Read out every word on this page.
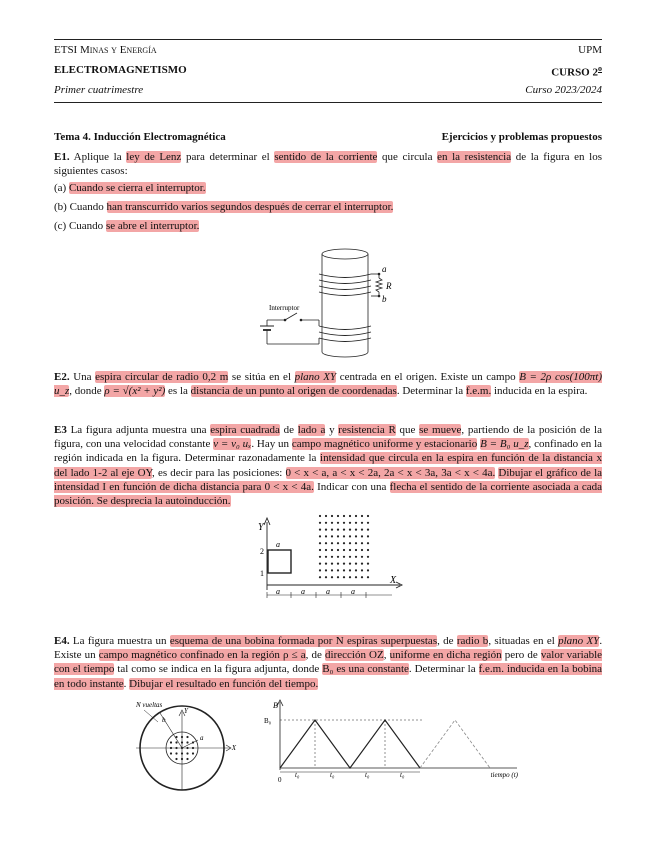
ETSI Minas y Energía	UPM
ELECTROMAGNETISMO	CURSO 2$^o$
Primer cuatrimestre	Curso 2023/2024
Tema 4. Inducción Electromagnética	Ejercicios y problemas propuestos
E1. Aplique la ley de Lenz para determinar el sentido de la corriente que circula en la resistencia de la figura en los siguientes casos:
(a) Cuando se cierra el interruptor.
(b) Cuando han transcurrido varios segundos después de cerrar el interruptor.
(c) Cuando se abre el interruptor.
a
R
b
Interruptor
E2. Una espira circular de radio 0,2 m se sitúa en el plano XY centrada en el origen. Existe un campo B = 2ρ cos(100πt) u_z, donde ρ = √(x² + y²) es la distancia de un punto al origen de coordenadas. Determinar la f.e.m. inducida en la espira.
E3 La figura adjunta muestra una espira cuadrada de lado a y resistencia R que se mueve, partiendo de la posición de la figura, con una velocidad constante v = v₀ uₓ. Hay un campo magnético uniforme y estacionario B = B₀ u_z, confinado en la región indicada en la figura. Determinar razonadamente la intensidad que circula en la espira en función de la distancia x del lado 1-2 al eje OY, es decir para las posiciones: 0 < x < a, a < x < 2a, 2a < x < 3a, 3a < x < 4a. Dibujar el gráfico de la intensidad I en función de dicha distancia para 0 < x < 4a. Indicar con una flecha el sentido de la corriente asociada a cada posición. Se desprecia la autoinducción.
Y
X
a
2
1
a	a	a	a
E4. La figura muestra un esquema de una bobina formada por N espiras superpuestas, de radio b, situadas en el plano XY. Existe un campo magnético confinado en la región ρ ≤ a, de dirección OZ, uniforme en dicha región pero de valor variable con el tiempo tal como se indica en la figura adjunta, donde B₀ es una constante. Determinar la f.e.m. inducida en la bobina en todo instante. Dibujar el resultado en función del tiempo.
N vueltas
X
Y
b
a
B
B₀
0
t₀	t₀	t₀	t₀	tiempo (t)
